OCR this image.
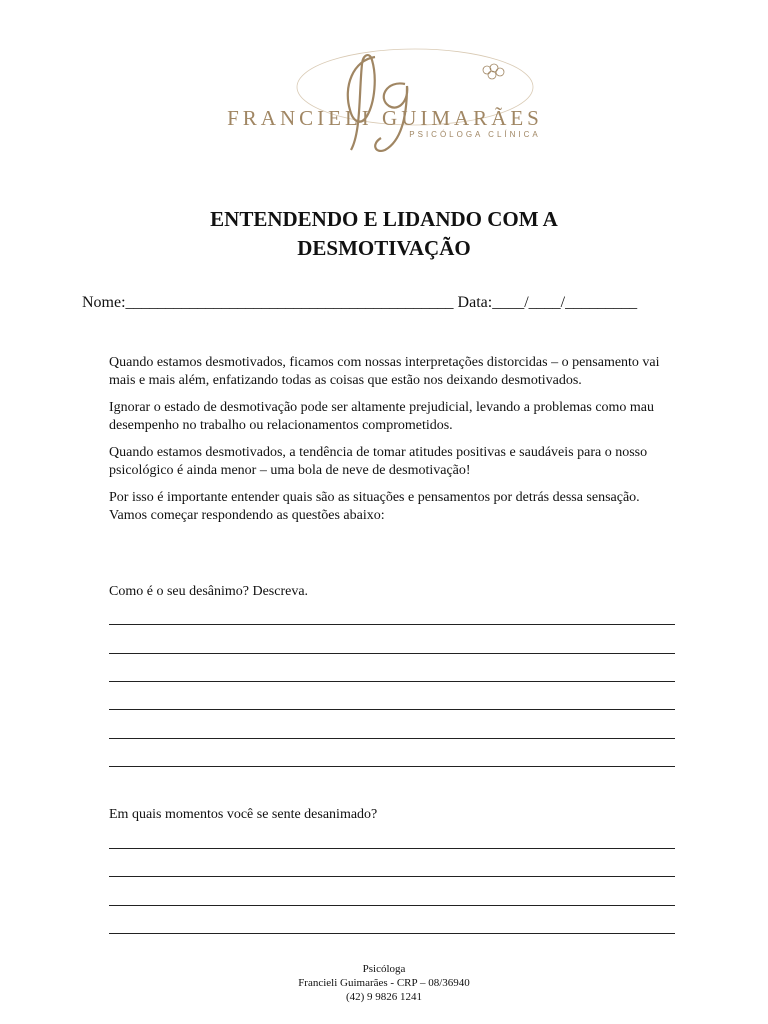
FRANCIELI GUIMARÃES
PSICÓLOGA CLÍNICA
ENTENDENDO E LIDANDO COM A
DESMOTIVAÇÃO
Nome:_________________________________________ Data:____/____/_________

Quando estamos desmotivados, ficamos com nossas interpretações distorcidas – o pensamento vai mais e mais além, enfatizando todas as coisas que estão nos deixando desmotivados.

Ignorar o estado de desmotivação pode ser altamente prejudicial, levando a problemas como mau desempenho no trabalho ou relacionamentos comprometidos.

Quando estamos desmotivados, a tendência de tomar atitudes positivas e saudáveis para o nosso psicológico é ainda menor – uma bola de neve de desmotivação!

Por isso é importante entender quais são as situações e pensamentos por detrás dessa sensação. Vamos começar respondendo as questões abaixo:

Como é o seu desânimo? Descreva.
Em quais momentos você se sente desanimado?
Psicóloga
Francieli Guimarães - CRP – 08/36940
(42) 9 9826 1241
